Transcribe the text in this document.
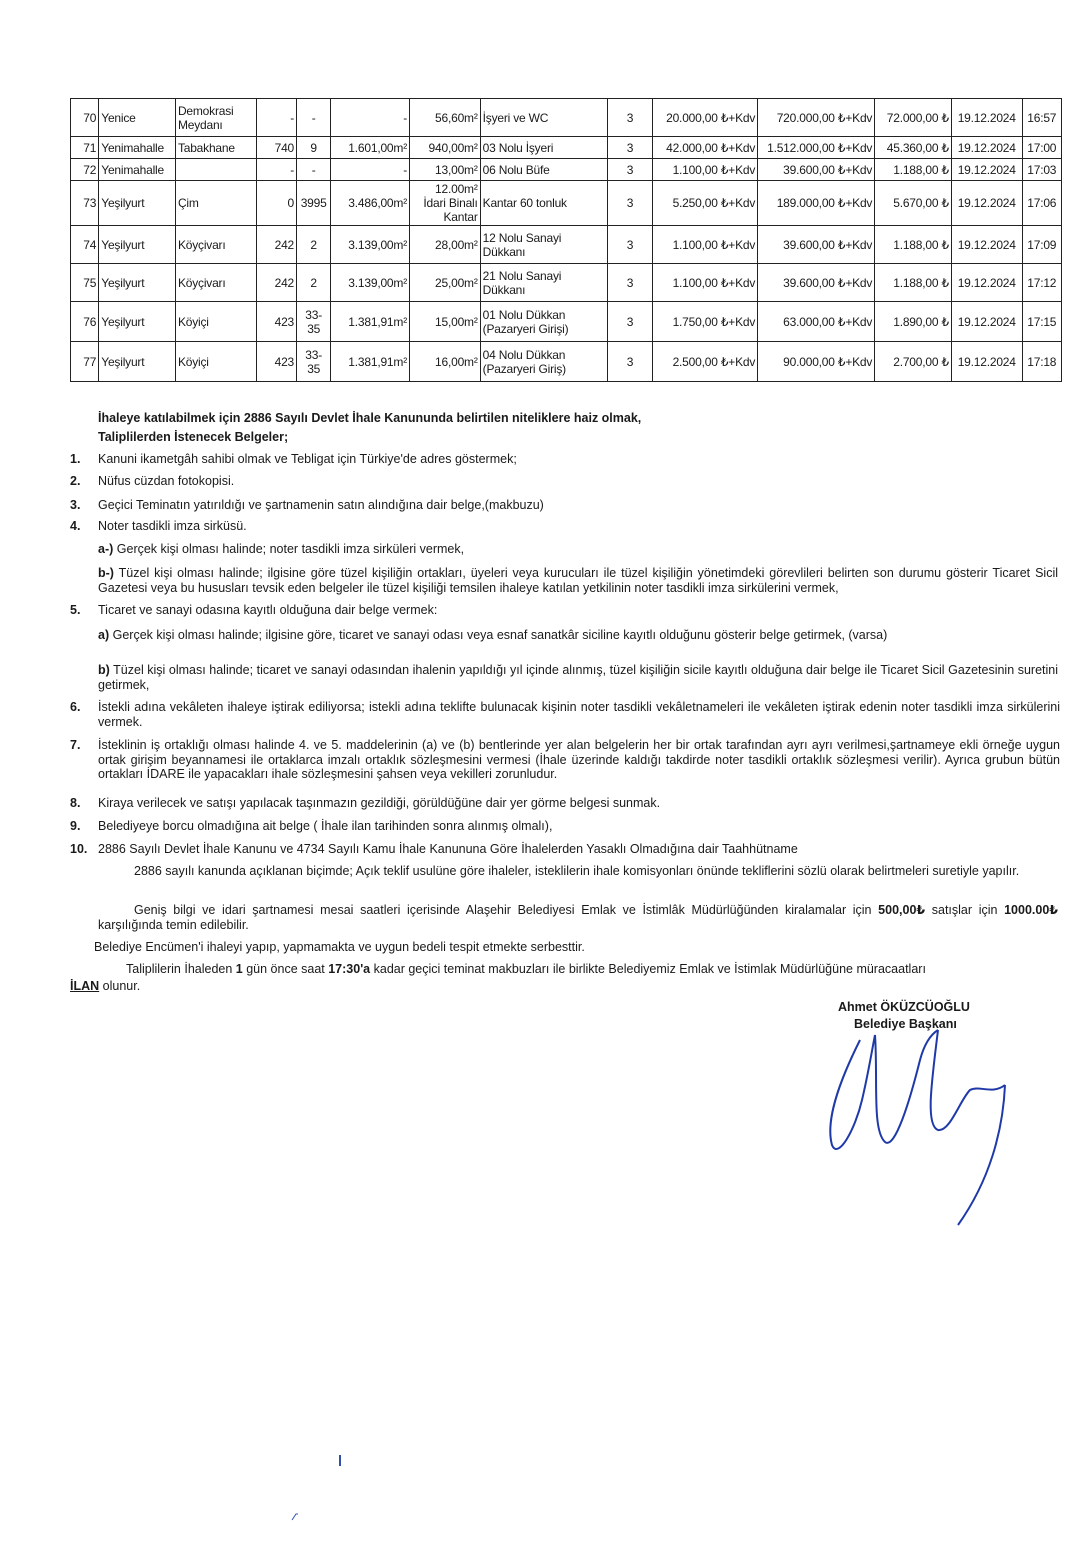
70	Yenice	Demokrasi Meydanı	-	-	-	56,60m²	İşyeri ve WC	3	20.000,00 ₺+Kdv	720.000,00 ₺+Kdv	72.000,00 ₺	19.12.2024	16:57
71	Yenimahalle	Tabakhane	740	9	1.601,00m²	940,00m²	03 Nolu İşyeri	3	42.000,00 ₺+Kdv	1.512.000,00 ₺+Kdv	45.360,00 ₺	19.12.2024	17:00
72	Yenimahalle		-	-	-	13,00m²	06 Nolu Büfe	3	1.100,00 ₺+Kdv	39.600,00 ₺+Kdv	1.188,00 ₺	19.12.2024	17:03
73	Yeşilyurt	Çim	0	3995	3.486,00m²	12.00m² İdari Binalı Kantar	Kantar 60 tonluk	3	5.250,00 ₺+Kdv	189.000,00 ₺+Kdv	5.670,00 ₺	19.12.2024	17:06
74	Yeşilyurt	Köyçivarı	242	2	3.139,00m²	28,00m²	12 Nolu Sanayi Dükkanı	3	1.100,00 ₺+Kdv	39.600,00 ₺+Kdv	1.188,00 ₺	19.12.2024	17:09
75	Yeşilyurt	Köyçivarı	242	2	3.139,00m²	25,00m²	21 Nolu Sanayi Dükkanı	3	1.100,00 ₺+Kdv	39.600,00 ₺+Kdv	1.188,00 ₺	19.12.2024	17:12
76	Yeşilyurt	Köyiçi	423	33-35	1.381,91m²	15,00m²	01 Nolu Dükkan (Pazaryeri Girişi)	3	1.750,00 ₺+Kdv	63.000,00 ₺+Kdv	1.890,00 ₺	19.12.2024	17:15
77	Yeşilyurt	Köyiçi	423	33-35	1.381,91m²	16,00m²	04 Nolu Dükkan (Pazaryeri Giriş)	3	2.500,00 ₺+Kdv	90.000,00 ₺+Kdv	2.700,00 ₺	19.12.2024	17:18
İhaleye katılabilmek için 2886 Sayılı Devlet İhale Kanununda belirtilen niteliklere haiz olmak,
Taliplilerden İstenecek Belgeler;
1. Kanuni ikametgâh sahibi olmak ve Tebligat için Türkiye'de adres göstermek;
2. Nüfus cüzdan fotokopisi.
3. Geçici Teminatın yatırıldığı ve şartnamenin satın alındığına dair belge,(makbuzu)
4. Noter tasdikli imza sirküsü.
a-) Gerçek kişi olması halinde; noter tasdikli imza sirküleri vermek,
b-) Tüzel kişi olması halinde; ilgisine göre tüzel kişiliğin ortakları, üyeleri veya kurucuları ile tüzel kişiliğin yönetimdeki görevlileri belirten son durumu gösterir Ticaret Sicil Gazetesi veya bu hususları tevsik eden belgeler ile tüzel kişiliği temsilen ihaleye katılan yetkilinin noter tasdikli imza sirkülerini vermek,
5. Ticaret ve sanayi odasına kayıtlı olduğuna dair belge vermek:
a) Gerçek kişi olması halinde; ilgisine göre, ticaret ve sanayi odası veya esnaf sanatkâr siciline kayıtlı olduğunu gösterir belge getirmek, (varsa)
b) Tüzel kişi olması halinde; ticaret ve sanayi odasından ihalenin yapıldığı yıl içinde alınmış, tüzel kişiliğin sicile kayıtlı olduğuna dair belge ile Ticaret Sicil Gazetesinin suretini getirmek,
6. İstekli adına vekâleten ihaleye iştirak ediliyorsa; istekli adına teklifte bulunacak kişinin noter tasdikli vekâletnameleri ile vekâleten iştirak edenin noter tasdikli imza sirkülerini vermek.
7. İsteklinin iş ortaklığı olması halinde 4. ve 5. maddelerinin (a) ve (b) bentlerinde yer alan belgelerin her bir ortak tarafından ayrı ayrı verilmesi,şartnameye ekli örneğe uygun ortak girişim beyannamesi ile ortaklarca imzalı ortaklık sözleşmesini vermesi (İhale üzerinde kaldığı takdirde noter tasdikli ortaklık sözleşmesi verilir). Ayrıca grubun bütün ortakları İDARE ile yapacakları ihale sözleşmesini şahsen veya vekilleri zorunludur.
8. Kiraya verilecek ve satışı yapılacak taşınmazın gezildiği, görüldüğüne dair yer görme belgesi sunmak.
9. Belediyeye borcu olmadığına ait belge ( İhale ilan tarihinden sonra alınmış olmalı),
10. 2886 Sayılı Devlet İhale Kanunu ve 4734 Sayılı Kamu İhale Kanununa Göre İhalelerden Yasaklı Olmadığına dair Taahhütname
2886 sayılı kanunda açıklanan biçimde; Açık teklif usulüne göre ihaleler, isteklilerin ihale komisyonları önünde tekliflerini sözlü olarak belirtmeleri suretiyle yapılır.
Geniş bilgi ve idari şartnamesi mesai saatleri içerisinde Alaşehir Belediyesi Emlak ve İstimlâk Müdürlüğünden kiralamalar için 500,00₺ satışlar için 1000.00₺ karşılığında temin edilebilir.
Belediye Encümen'i ihaleyi yapıp, yapmamakta ve uygun bedeli tespit etmekte serbesttir.
Taliplilerin İhaleden 1 gün önce saat 17:30'a kadar geçici teminat makbuzları ile birlikte Belediyemiz Emlak ve İstimlak Müdürlüğüne müracaatları
İLAN olunur.
Ahmet ÖKÜZCÜOĞLU
Belediye Başkanı
